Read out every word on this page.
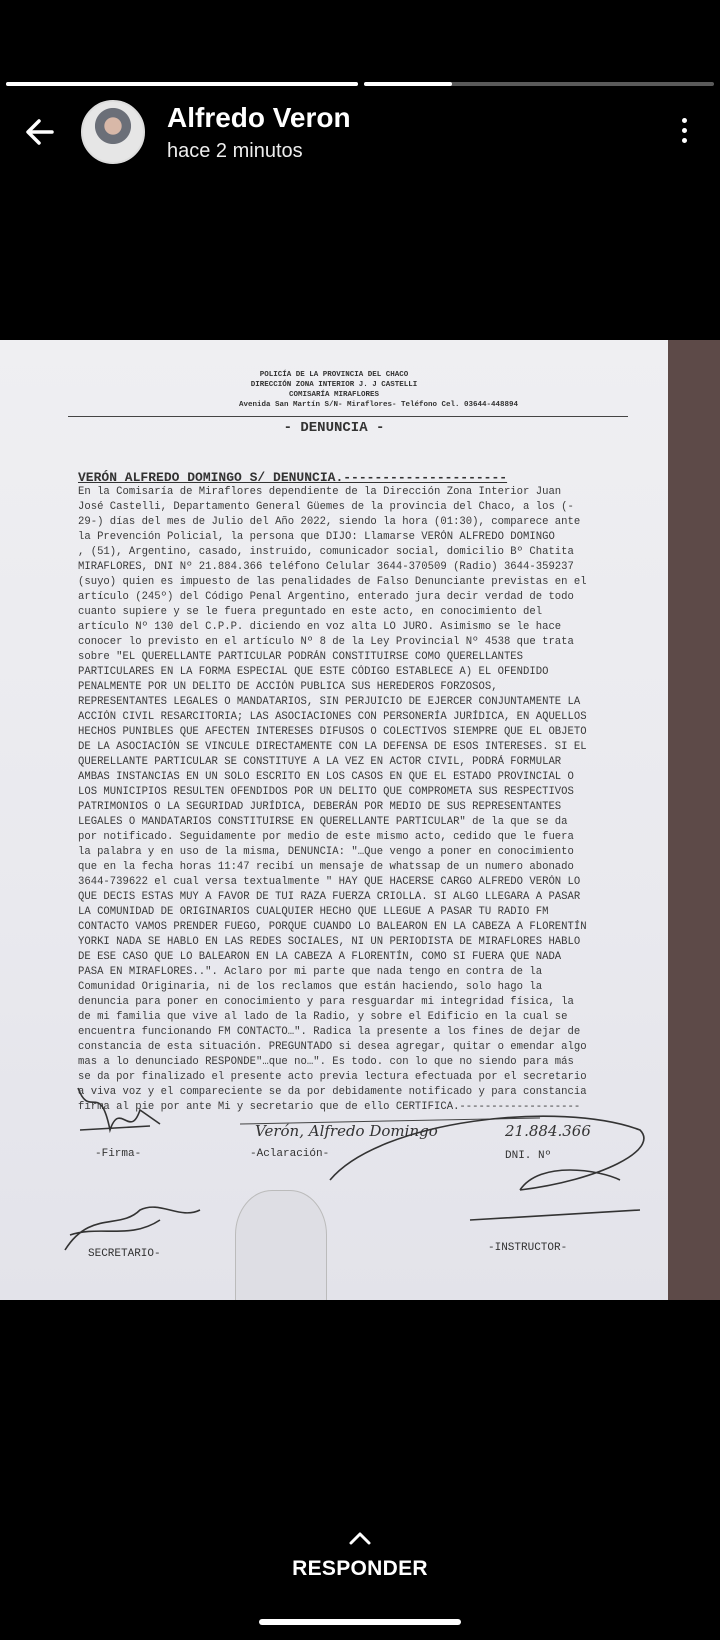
Alfredo Veron
hace 2 minutos
POLICÍA DE LA PROVINCIA DEL CHACO
DIRECCIÓN ZONA INTERIOR J. J CASTELLI
COMISARÍA MIRAFLORES
Avenida San Martín S/N- Miraflores- Teléfono Cel. 03644-448894
- DENUNCIA -
VERÓN ALFREDO DOMINGO S/ DENUNCIA.---------------------
En la Comisaría de Miraflores dependiente de la Dirección Zona Interior Juan
José Castelli, Departamento General Güemes de la provincia del Chaco, a los (-
29-) días del mes de Julio del Año 2022, siendo la hora (01:30), comparece ante
la Prevención Policial, la persona que DIJO: Llamarse VERÓN ALFREDO DOMINGO
, (51), Argentino, casado, instruido, comunicador social, domicilio Bº Chatita
MIRAFLORES, DNI Nº 21.884.366 teléfono Celular 3644-370509 (Radio) 3644-359237
(suyo) quien es impuesto de las penalidades de Falso Denunciante previstas en el
artículo (245º) del Código Penal Argentino, enterado jura decir verdad de todo
cuanto supiere y se le fuera preguntado en este acto, en conocimiento del
artículo Nº 130 del C.P.P. diciendo en voz alta LO JURO. Asimismo se le hace
conocer lo previsto en el artículo Nº 8 de la Ley Provincial Nº 4538 que trata
sobre "EL QUERELLANTE PARTICULAR PODRÁN CONSTITUIRSE COMO QUERELLANTES
PARTICULARES EN LA FORMA ESPECIAL QUE ESTE CÓDIGO ESTABLECE A) EL OFENDIDO
PENALMENTE POR UN DELITO DE ACCIÓN PUBLICA SUS HEREDEROS FORZOSOS,
REPRESENTANTES LEGALES O MANDATARIOS, SIN PERJUICIO DE EJERCER CONJUNTAMENTE LA
ACCIÓN CIVIL RESARCITORIA; LAS ASOCIACIONES CON PERSONERÍA JURÍDICA, EN AQUELLOS
HECHOS PUNIBLES QUE AFECTEN INTERESES DIFUSOS O COLECTIVOS SIEMPRE QUE EL OBJETO
DE LA ASOCIACIÓN SE VINCULE DIRECTAMENTE CON LA DEFENSA DE ESOS INTERESES. SI EL
QUERELLANTE PARTICULAR SE CONSTITUYE A LA VEZ EN ACTOR CIVIL, PODRÁ FORMULAR
AMBAS INSTANCIAS EN UN SOLO ESCRITO EN LOS CASOS EN QUE EL ESTADO PROVINCIAL O
LOS MUNICIPIOS RESULTEN OFENDIDOS POR UN DELITO QUE COMPROMETA SUS RESPECTIVOS
PATRIMONIOS O LA SEGURIDAD JURÍDICA, DEBERÁN POR MEDIO DE SUS REPRESENTANTES
LEGALES O MANDATARIOS CONSTITUIRSE EN QUERELLANTE PARTICULAR" de la que se da
por notificado. Seguidamente por medio de este mismo acto, cedido que le fuera
la palabra y en uso de la misma, DENUNCIA: "…Que vengo a poner en conocimiento
que en la fecha horas 11:47 recibí un mensaje de whatssap de un numero abonado
3644-739622 el cual versa textualmente " HAY QUE HACERSE CARGO ALFREDO VERÓN LO
QUE DECIS ESTAS MUY A FAVOR DE TUI RAZA FUERZA CRIOLLA. SI ALGO LLEGARA A PASAR
LA COMUNIDAD DE ORIGINARIOS CUALQUIER HECHO QUE LLEGUE A PASAR TU RADIO FM
CONTACTO VAMOS PRENDER FUEGO, PORQUE CUANDO LO BALEARON EN LA CABEZA A FLORENTÍN
YORKI NADA SE HABLO EN LAS REDES SOCIALES, NI UN PERIODISTA DE MIRAFLORES HABLO
DE ESE CASO QUE LO BALEARON EN LA CABEZA A FLORENTÍN, COMO SI FUERA QUE NADA
PASA EN MIRAFLORES..". Aclaro por mi parte que nada tengo en contra de la
Comunidad Originaria, ni de los reclamos que están haciendo, solo hago la
denuncia para poner en conocimiento y para resguardar mi integridad física, la
de mi familia que vive al lado de la Radio, y sobre el Edificio en la cual se
encuentra funcionando FM CONTACTO…". Radica la presente a los fines de dejar de
constancia de esta situación. PREGUNTADO si desea agregar, quitar o emendar algo
mas a lo denunciado RESPONDE"…que no…". Es todo. con lo que no siendo para más
se da por finalizado el presente acto previa lectura efectuada por el secretario
a viva voz y el compareciente se da por debidamente notificado y para constancia
firma al pie por ante Mi y secretario que de ello CERTIFICA.-------------------
Verón, Alfredo Domingo	21.884.366
-Firma-	-Aclaración-	DNI. Nº
SECRETARIO-	-INSTRUCTOR-
RESPONDER
